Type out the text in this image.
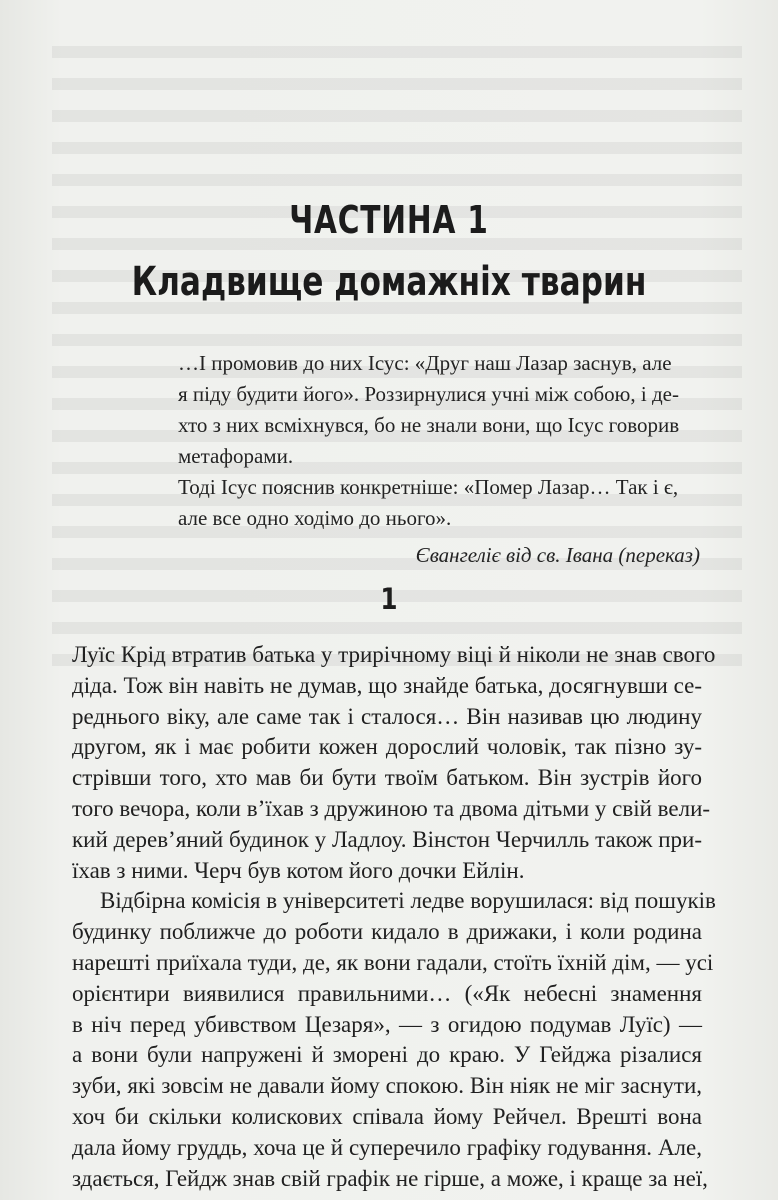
ЧАСТИНА 1
Кладвище домажніх тварин

…І промовив до них Ісус: «Друг наш Лазар заснув, але

я піду будити його». Роззирнулися учні між собою, і де-

хто з них всміхнувся, бо не знали вони, що Ісус говорив

метафорами.

Тоді Ісус пояснив конкретніше: «Помер Лазар… Так і є,

але все одно ходімо до нього».

Євангеліє від св. Івана (переказ)

1
Луїс Крід втратив батька у трирічному віці й ніколи не знав свого
діда. Тож він навіть не думав, що знайде батька, досягнувши се-
реднього віку, але саме так і сталося… Він називав цю людину
другом, як і має робити кожен дорослий чоловік, так пізно зу-
стрівши того, хто мав би бути твоїм батьком. Він зустрів його
того вечора, коли в’їхав з дружиною та двома дітьми у свій вели-
кий дерев’яний будинок у Ладлоу. Вінстон Черчилль також при-
їхав з ними. Черч був котом його дочки Ейлін.
Відбірна комісія в університеті ледве ворушилася: від пошуків
будинку поближче до роботи кидало в дрижаки, і коли родина
нарешті приїхала туди, де, як вони гадали, стоїть їхній дім, — усі
орієнтири виявилися правильними… («Як небесні знамення
в ніч перед убивством Цезаря», — з огидою подумав Луїс) —
а вони були напружені й зморені до краю. У Гейджа різалися
зуби, які зовсім не давали йому спокою. Він ніяк не міг заснути,
хоч би скільки колискових співала йому Рейчел. Врешті вона
дала йому груддь, хоча це й суперечило графіку годування. Але,
здається, Гейдж знав свій графік не гірше, а може, і краще за неї,
